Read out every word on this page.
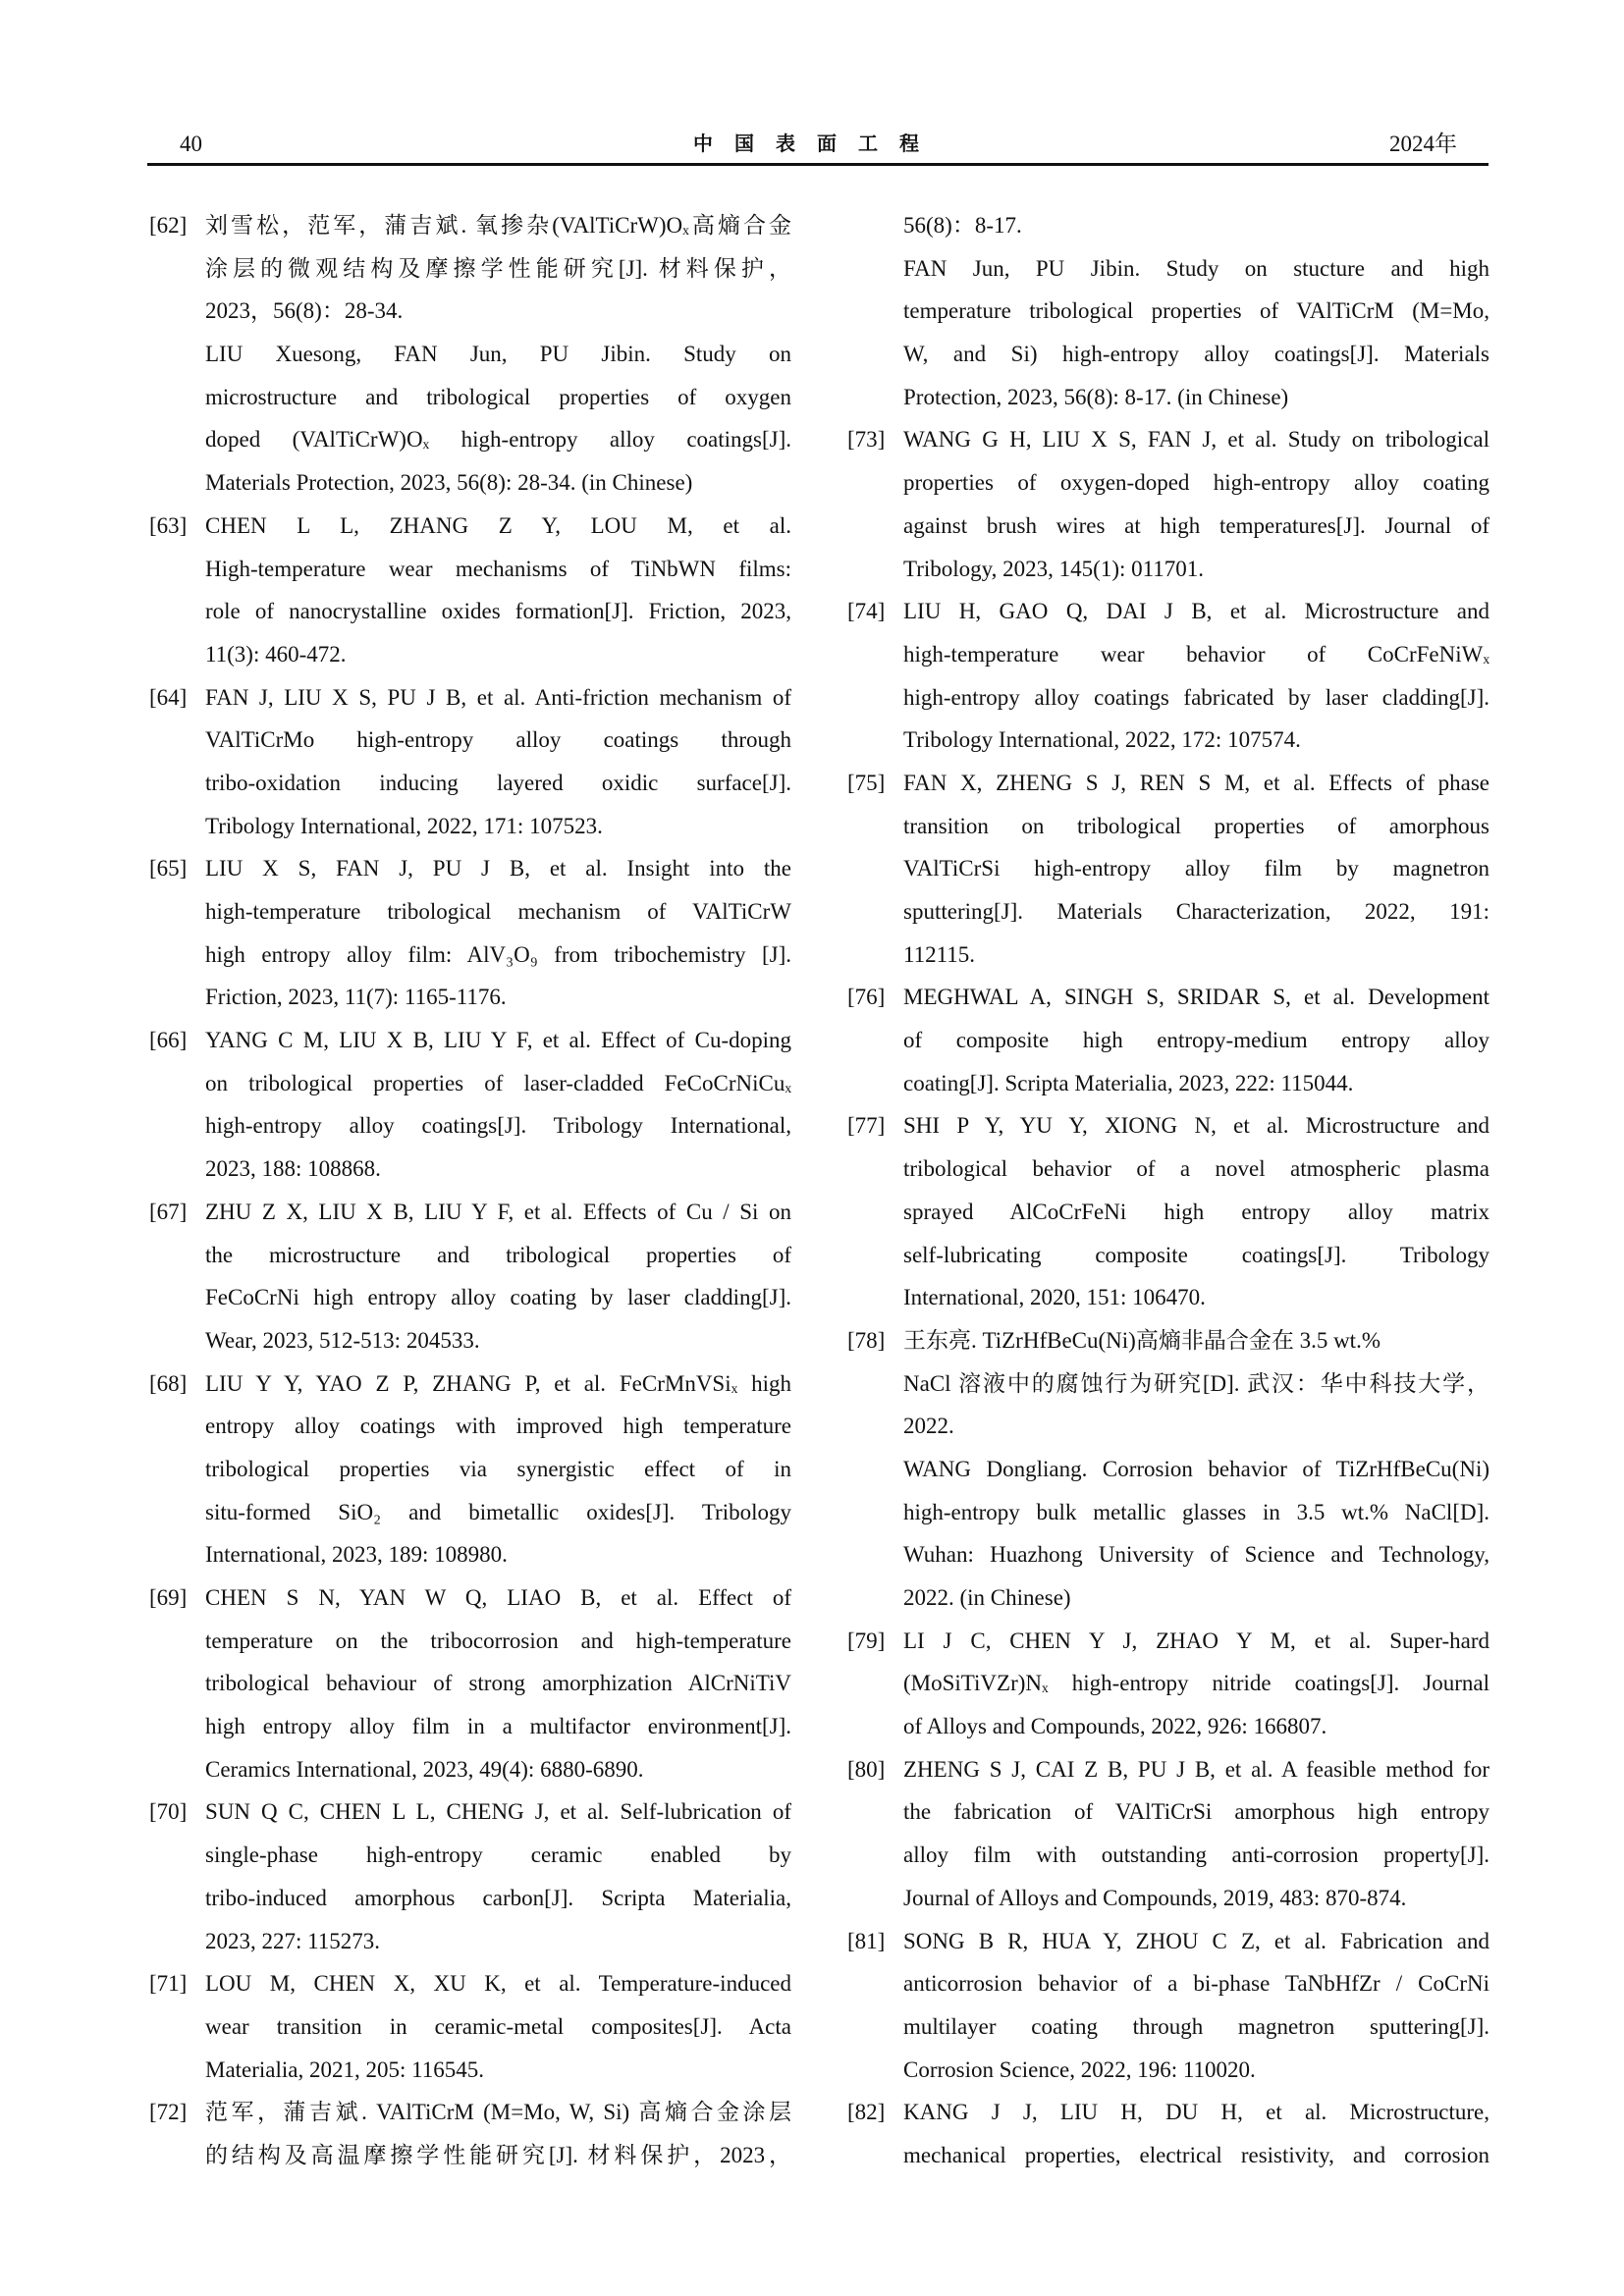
40	中国表面工程	2024年
[62] 刘雪松，范军，蒲吉斌. 氧掺杂(VAlTiCrW)Oₓ高熵合金
涂层的微观结构及摩擦学性能研究[J]. 材料保护，
2023，56(8)：28-34.
LIU Xuesong, FAN Jun, PU Jibin. Study on
microstructure and tribological properties of oxygen
doped (VAlTiCrW)Oₓ high-entropy alloy coatings[J].
Materials Protection, 2023, 56(8): 28-34. (in Chinese)
[63] CHEN L L, ZHANG Z Y, LOU M, et al.
High-temperature wear mechanisms of TiNbWN films:
role of nanocrystalline oxides formation[J]. Friction, 2023,
11(3): 460-472.
[64] FAN J, LIU X S, PU J B, et al. Anti-friction mechanism of
VAlTiCrMo high-entropy alloy coatings through
tribo-oxidation inducing layered oxidic surface[J].
Tribology International, 2022, 171: 107523.
[65] LIU X S, FAN J, PU J B, et al. Insight into the
high-temperature tribological mechanism of VAlTiCrW
high entropy alloy film: AlV₃O₉ from tribochemistry [J].
Friction, 2023, 11(7): 1165-1176.
[66] YANG C M, LIU X B, LIU Y F, et al. Effect of Cu-doping
on tribological properties of laser-cladded FeCoCrNiCuₓ
high-entropy alloy coatings[J]. Tribology International,
2023, 188: 108868.
[67] ZHU Z X, LIU X B, LIU Y F, et al. Effects of Cu / Si on
the microstructure and tribological properties of
FeCoCrNi high entropy alloy coating by laser cladding[J].
Wear, 2023, 512-513: 204533.
[68] LIU Y Y, YAO Z P, ZHANG P, et al. FeCrMnVSiₓ high
entropy alloy coatings with improved high temperature
tribological properties via synergistic effect of in
situ-formed SiO₂ and bimetallic oxides[J]. Tribology
International, 2023, 189: 108980.
[69] CHEN S N, YAN W Q, LIAO B, et al. Effect of
temperature on the tribocorrosion and high-temperature
tribological behaviour of strong amorphization AlCrNiTiV
high entropy alloy film in a multifactor environment[J].
Ceramics International, 2023, 49(4): 6880-6890.
[70] SUN Q C, CHEN L L, CHENG J, et al. Self-lubrication of
single-phase high-entropy ceramic enabled by
tribo-induced amorphous carbon[J]. Scripta Materialia,
2023, 227: 115273.
[71] LOU M, CHEN X, XU K, et al. Temperature-induced
wear transition in ceramic-metal composites[J]. Acta
Materialia, 2021, 205: 116545.
[72] 范军，蒲吉斌. VAlTiCrM (M=Mo, W, Si) 高熵合金涂层
的结构及高温摩擦学性能研究[J]. 材料保护，2023，
56(8)：8-17.
FAN Jun, PU Jibin. Study on stucture and high
temperature tribological properties of VAlTiCrM (M=Mo,
W, and Si) high-entropy alloy coatings[J]. Materials
Protection, 2023, 56(8): 8-17. (in Chinese)
[73] WANG G H, LIU X S, FAN J, et al. Study on tribological
properties of oxygen-doped high-entropy alloy coating
against brush wires at high temperatures[J]. Journal of
Tribology, 2023, 145(1): 011701.
[74] LIU H, GAO Q, DAI J B, et al. Microstructure and
high-temperature wear behavior of CoCrFeNiWₓ
high-entropy alloy coatings fabricated by laser cladding[J].
Tribology International, 2022, 172: 107574.
[75] FAN X, ZHENG S J, REN S M, et al. Effects of phase
transition on tribological properties of amorphous
VAlTiCrSi high-entropy alloy film by magnetron
sputtering[J]. Materials Characterization, 2022, 191:
112115.
[76] MEGHWAL A, SINGH S, SRIDAR S, et al. Development
of composite high entropy-medium entropy alloy
coating[J]. Scripta Materialia, 2023, 222: 115044.
[77] SHI P Y, YU Y, XIONG N, et al. Microstructure and
tribological behavior of a novel atmospheric plasma
sprayed AlCoCrFeNi high entropy alloy matrix
self-lubricating composite coatings[J]. Tribology
International, 2020, 151: 106470.
[78] 王东亮. TiZrHfBeCu(Ni)高熵非晶合金在 3.5 wt.%
NaCl 溶液中的腐蚀行为研究[D]. 武汉：华中科技大学，
2022.
WANG Dongliang. Corrosion behavior of TiZrHfBeCu(Ni)
high-entropy bulk metallic glasses in 3.5 wt.% NaCl[D].
Wuhan: Huazhong University of Science and Technology,
2022. (in Chinese)
[79] LI J C, CHEN Y J, ZHAO Y M, et al. Super-hard
(MoSiTiVZr)Nₓ high-entropy nitride coatings[J]. Journal
of Alloys and Compounds, 2022, 926: 166807.
[80] ZHENG S J, CAI Z B, PU J B, et al. A feasible method for
the fabrication of VAlTiCrSi amorphous high entropy
alloy film with outstanding anti-corrosion property[J].
Journal of Alloys and Compounds, 2019, 483: 870-874.
[81] SONG B R, HUA Y, ZHOU C Z, et al. Fabrication and
anticorrosion behavior of a bi-phase TaNbHfZr / CoCrNi
multilayer coating through magnetron sputtering[J].
Corrosion Science, 2022, 196: 110020.
[82] KANG J J, LIU H, DU H, et al. Microstructure,
mechanical properties, electrical resistivity, and corrosion
